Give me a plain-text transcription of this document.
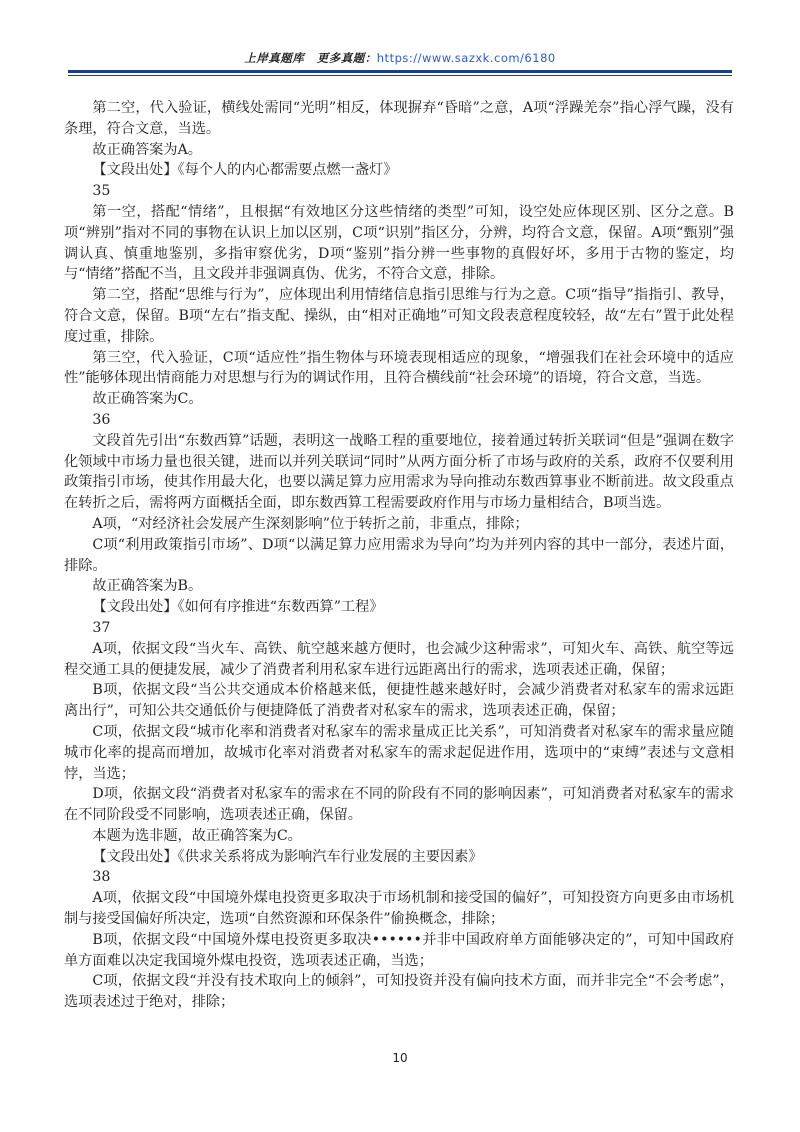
上岸真题库 更多真题：https://www.sazxk.com/6180

第二空，代入验证，横线处需同“光明”相反，体现摒弃“昏暗”之意，A项“浮躁羌奈”指心浮气躁，没有条理，符合文意，当选。

故正确答案为A。

【文段出处】《每个人的内心都需要点燃一盏灯》

35

第一空，搭配“情绪”，且根据“有效地区分这些情绪的类型”可知，设空处应体现区别、区分之意。B项“辨别”指对不同的事物在认识上加以区别，C项“识别”指区分，分辨，均符合文意，保留。A项“甄别”强调认真、慎重地鉴别，多指审察优劣，D项“鉴别”指分辨一些事物的真假好坏，多用于古物的鉴定，均与“情绪”搭配不当，且文段并非强调真伪、优劣，不符合文意，排除。

第二空，搭配“思维与行为”，应体现出利用情绪信息指引思维与行为之意。C项“指导”指指引、教导，符合文意，保留。B项“左右”指支配、操纵，由“相对正确地”可知文段表意程度较轻，故“左右”置于此处程度过重，排除。

第三空，代入验证，C项“适应性”指生物体与环境表现相适应的现象，“增强我们在社会环境中的适应性”能够体现出情商能力对思想与行为的调试作用，且符合横线前“社会环境”的语境，符合文意，当选。

故正确答案为C。

36

文段首先引出“东数西算”话题，表明这一战略工程的重要地位，接着通过转折关联词“但是”强调在数字化领域中市场力量也很关键，进而以并列关联词“同时”从两方面分析了市场与政府的关系，政府不仅要利用政策指引市场，使其作用最大化，也要以满足算力应用需求为导向推动东数西算事业不断前进。故文段重点在转折之后，需将两方面概括全面，即东数西算工程需要政府作用与市场力量相结合，B项当选。

A项，“对经济社会发展产生深刻影响”位于转折之前，非重点，排除；

C项“利用政策指引市场”、D项“以满足算力应用需求为导向”均为并列内容的其中一部分，表述片面，排除。

故正确答案为B。

【文段出处】《如何有序推进“东数西算”工程》

37

A项，依据文段“当火车、高铁、航空越来越方便时，也会减少这种需求”，可知火车、高铁、航空等远程交通工具的便捷发展，减少了消费者利用私家车进行远距离出行的需求，选项表述正确，保留；

B项，依据文段“当公共交通成本价格越来低，便捷性越来越好时，会减少消费者对私家车的需求远距离出行”，可知公共交通低价与便捷降低了消费者对私家车的需求，选项表述正确，保留；

C项，依据文段“城市化率和消费者对私家车的需求量成正比关系”，可知消费者对私家车的需求量应随城市化率的提高而增加，故城市化率对消费者对私家车的需求起促进作用，选项中的“束缚”表述与文意相悖，当选；

D项，依据文段“消费者对私家车的需求在不同的阶段有不同的影响因素”，可知消费者对私家车的需求在不同阶段受不同影响，选项表述正确，保留。

本题为选非题，故正确答案为C。

【文段出处】《供求关系将成为影响汽车行业发展的主要因素》

38

A项，依据文段“中国境外煤电投资更多取决于市场机制和接受国的偏好”，可知投资方向更多由市场机制与接受国偏好所决定，选项“自然资源和环保条件”偷换概念，排除；

B项，依据文段“中国境外煤电投资更多取决••••••并非中国政府单方面能够决定的”，可知中国政府单方面难以决定我国境外煤电投资，选项表述正确，当选；

C项，依据文段“并没有技术取向上的倾斜”，可知投资并没有偏向技术方面，而并非完全“不会考虑”，选项表述过于绝对，排除；

10
